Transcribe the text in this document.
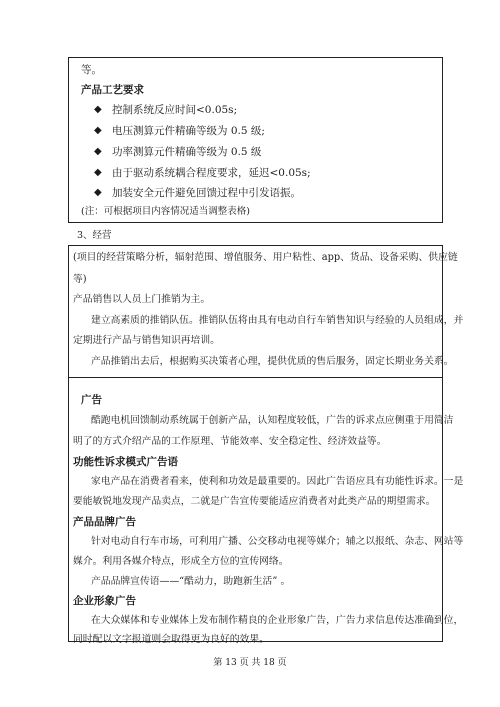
等。
产品工艺要求
◆ 控制系统反应时间<0.05s;
◆ 电压测算元件精确等级为 0.5 级;
◆ 功率测算元件精确等级为 0.5 级
◆ 由于驱动系统耦合程度要求，延迟<0.05s;
◆ 加装安全元件避免回馈过程中引发语振。
(注：可根据项目内容情况适当调整表格)
3、经营
(项目的经营策略分析，辐射范围、增值服务、用户粘性、app、货品、设备采购、供应链
等)
产品销售以人员上门推销为主。
建立高素质的推销队伍。推销队伍将由具有电动自行车销售知识与经验的人员组成，并
定期进行产品与销售知识再培训。
产品推销出去后，根据购买决策者心理，提供优质的售后服务，固定长期业务关系。
广告
酷跑电机回馈制动系统属于创新产品，认知程度较低，广告的诉求点应侧重于用简洁
明了的方式介绍产品的工作原理、节能效率、安全稳定性、经济效益等。
功能性诉求模式广告语
家电产品在消费者看来，使利和功效是最重要的。因此广告语应具有功能性诉求。一是
要能敏锐地发现产品卖点，二就是广告宣传要能适应消费者对此类产品的期望需求。
产品品牌广告
针对电动自行车市场，可利用广播、公交移动电视等媒介；辅之以报纸、杂志、网站等
媒介。利用各媒介特点，形成全方位的宣传网络。
产品品牌宣传语——“酷动力，助跑新生活” 。
企业形象广告
在大众媒体和专业媒体上发布制作精良的企业形象广告，广告力求信息传达准确到位，
同时配以文字报道则会取得更为良好的效果。
第 13 页 共 18 页
